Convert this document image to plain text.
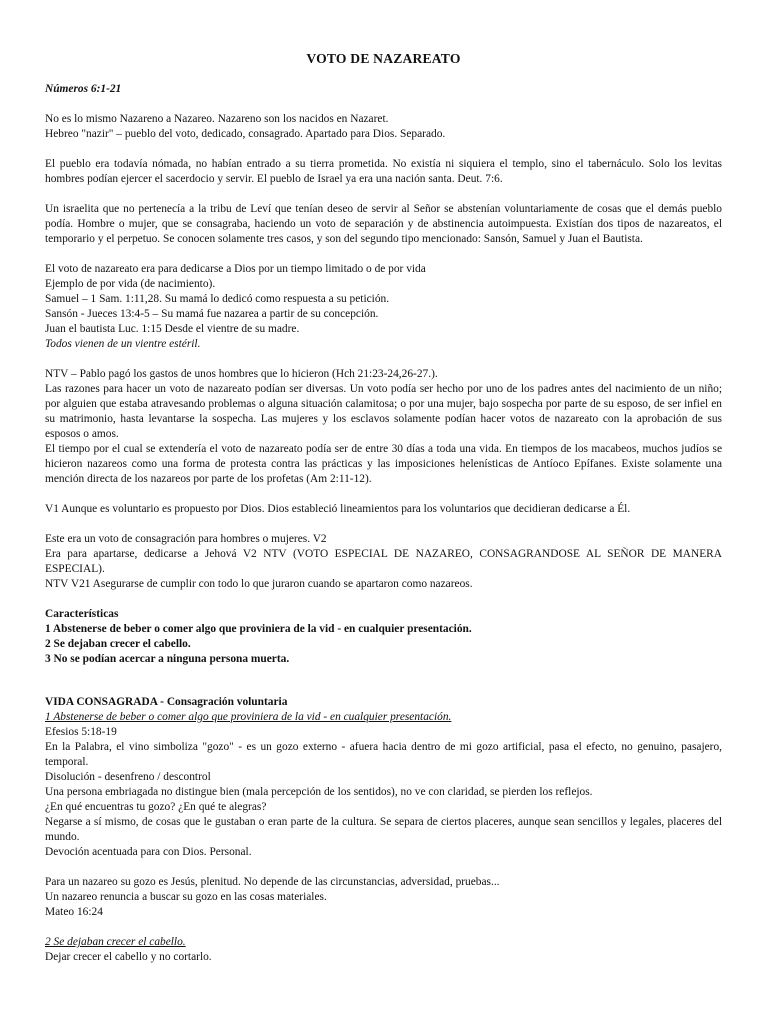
VOTO DE NAZAREATO

Números 6:1-21

No es lo mismo Nazareno a Nazareo. Nazareno son los nacidos en Nazaret.

Hebreo "nazir" – pueblo del voto, dedicado, consagrado. Apartado para Dios. Separado.

El pueblo era todavía nómada, no habían entrado a su tierra prometida. No existía ni siquiera el templo, sino el tabernáculo. Solo los levitas hombres podían ejercer el sacerdocio y servir. El pueblo de Israel ya era una nación santa. Deut. 7:6.

Un israelita que no pertenecía a la tribu de Leví que tenían deseo de servir al Señor se abstenían voluntariamente de cosas que el demás pueblo podía. Hombre o mujer, que se consagraba, haciendo un voto de separación y de abstinencia autoimpuesta. Existían dos tipos de nazareatos, el temporario y el perpetuo. Se conocen solamente tres casos, y son del segundo tipo mencionado: Sansón, Samuel y Juan el Bautista.

El voto de nazareato era para dedicarse a Dios por un tiempo limitado o de por vida

Ejemplo de por vida (de nacimiento).

Samuel – 1 Sam. 1:11,28. Su mamá lo dedicó como respuesta a su petición.

Sansón - Jueces 13:4-5 – Su mamá fue nazarea a partir de su concepción.

Juan el bautista Luc. 1:15 Desde el vientre de su madre.

Todos vienen de un vientre estéril.

NTV – Pablo pagó los gastos de unos hombres que lo hicieron (Hch 21:23-24,26-27.).

Las razones para hacer un voto de nazareato podían ser diversas. Un voto podía ser hecho por uno de los padres antes del nacimiento de un niño; por alguien que estaba atravesando problemas o alguna situación calamitosa; o por una mujer, bajo sospecha por parte de su esposo, de ser infiel en su matrimonio, hasta levantarse la sospecha. Las mujeres y los esclavos solamente podían hacer votos de nazareato con la aprobación de sus esposos o amos.

El tiempo por el cual se extendería el voto de nazareato podía ser de entre 30 días a toda una vida. En tiempos de los macabeos, muchos judíos se hicieron nazareos como una forma de protesta contra las prácticas y las imposiciones helenísticas de Antíoco Epífanes. Existe solamente una mención directa de los nazareos por parte de los profetas (Am 2:11-12).

V1 Aunque es voluntario es propuesto por Dios. Dios estableció lineamientos para los voluntarios que decidieran dedicarse a Él.

Este era un voto de consagración para hombres o mujeres. V2

Era para apartarse, dedicarse a Jehová V2 NTV (VOTO ESPECIAL DE NAZAREO, CONSAGRANDOSE AL SEÑOR DE MANERA ESPECIAL).

NTV V21 Asegurarse de cumplir con todo lo que juraron cuando se apartaron como nazareos.

Características

1 Abstenerse de beber o comer algo que proviniera de la vid - en cualquier presentación.

2 Se dejaban crecer el cabello.

3 No se podían acercar a ninguna persona muerta.

VIDA CONSAGRADA - Consagración voluntaria

1 Abstenerse de beber o comer algo que proviniera de la vid - en cualquier presentación.

Efesios 5:18-19

En la Palabra, el vino simboliza "gozo" - es un gozo externo - afuera hacia dentro de mi gozo artificial, pasa el efecto, no genuino, pasajero, temporal.

Disolución - desenfreno / descontrol

Una persona embriagada no distingue bien (mala percepción de los sentidos), no ve con claridad, se pierden los reflejos.

¿En qué encuentras tu gozo? ¿En qué te alegras?

Negarse a sí mismo, de cosas que le gustaban o eran parte de la cultura. Se separa de ciertos placeres, aunque sean sencillos y legales, placeres del mundo.

Devoción acentuada para con Dios. Personal.

Para un nazareo su gozo es Jesús, plenitud. No depende de las circunstancias, adversidad, pruebas...

Un nazareo renuncia a buscar su gozo en las cosas materiales.

Mateo 16:24

2 Se dejaban crecer el cabello.

Dejar crecer el cabello y no cortarlo.
